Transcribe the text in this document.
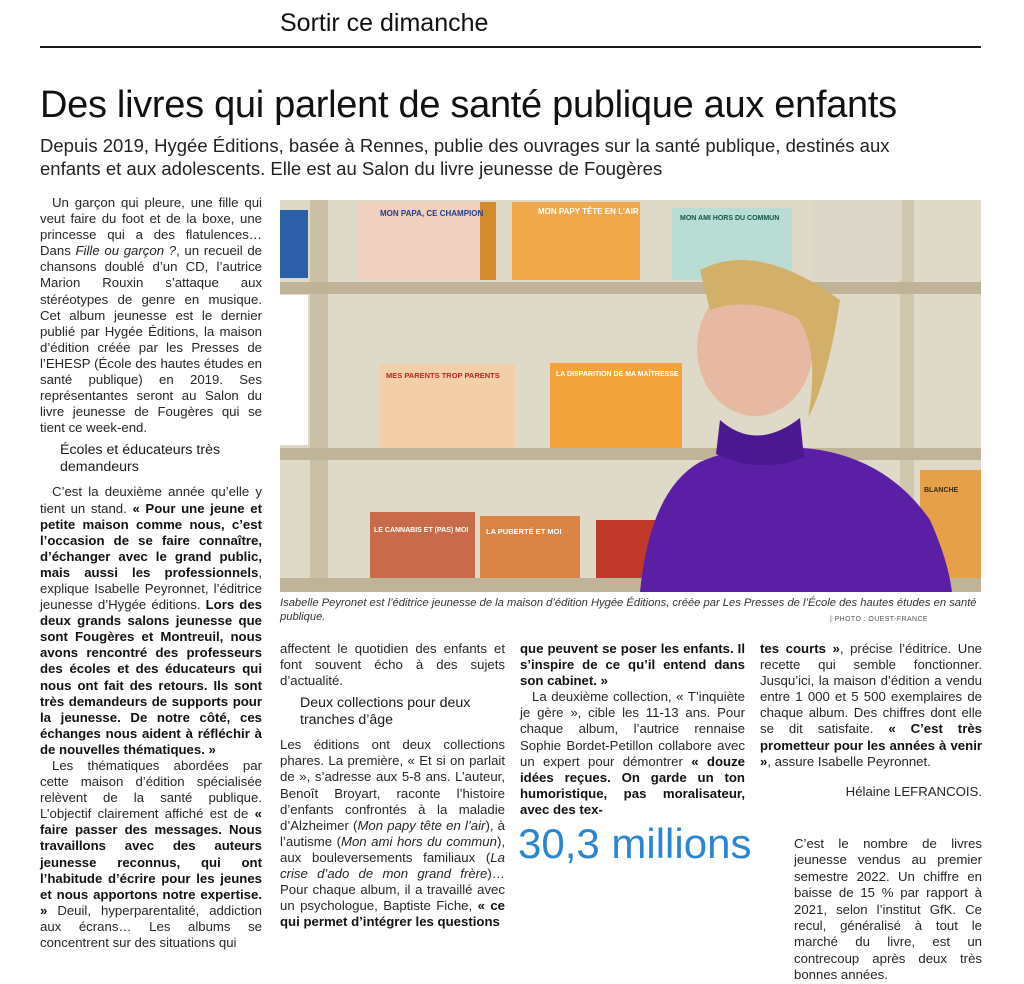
Sortir ce dimanche
Des livres qui parlent de santé publique aux enfants
Depuis 2019, Hygée Éditions, basée à Rennes, publie des ouvrages sur la santé publique, destinés aux enfants et aux adolescents. Elle est au Salon du livre jeunesse de Fougères

Un garçon qui pleure, une fille qui veut faire du foot et de la boxe, une princesse qui a des flatulences… Dans Fille ou garçon ?, un recueil de chansons doublé d’un CD, l’autrice Marion Rouxin s’attaque aux stéréotypes de genre en musique. Cet album jeunesse est le dernier publié par Hygée Éditions, la maison d’édition créée par les Presses de l’EHESP (École des hautes études en santé publique) en 2019. Ses représentantes seront au Salon du livre jeunesse de Fougères qui se tient ce week-end.

Écoles et éducateurs très demandeurs

C’est la deuxième année qu’elle y tient un stand. « Pour une jeune et petite maison comme nous, c’est l’occasion de se faire connaître, d’échanger avec le grand public, mais aussi les professionnels, explique Isabelle Peyronnet, l’éditrice jeunesse d’Hygée éditions. Lors des deux grands salons jeunesse que sont Fougères et Montreuil, nous avons rencontré des professeurs des écoles et des éducateurs qui nous ont fait des retours. Ils sont très demandeurs de supports pour la jeunesse. De notre côté, ces échanges nous aident à réfléchir à de nouvelles thématiques. »

Les thématiques abordées par cette maison d’édition spécialisée relèvent de la santé publique. L’objectif clairement affiché est de « faire passer des messages. Nous travaillons avec des auteurs jeunesse reconnus, qui ont l’habitude d’écrire pour les jeunes et nous apportons notre expertise. » Deuil, hyperparentalité, addiction aux écrans… Les albums se concentrent sur des situations qui

MON PAPA, CE CHAMPION	MON PAPY TÊTE EN L’AIR
MON AMI HORS DU COMMUN
MES PARENTS TROP PARENTS	LA DISPARITION DE MA MAÎTRESSE
LE CANNABIS ET (PAS) MOI LA PUBERTÉ ET MOI
BLANCHE
Isabelle Peyronet est l’éditrice jeunesse de la maison d’édition Hygée Éditions, créée par Les Presses de l’École des hautes études en santé publique.	| PHOTO : OUEST-FRANCE

affectent le quotidien des enfants et font souvent écho à des sujets d’actualité.

Deux collections pour deux tranches d’âge

Les éditions ont deux collections phares. La première, « Et si on parlait de », s’adresse aux 5-8 ans. L’auteur, Benoît Broyart, raconte l’histoire d’enfants confrontés à la maladie d’Alzheimer (Mon papy tête en l’air), à l’autisme (Mon ami hors du commun), aux bouleversements familiaux (La crise d’ado de mon grand frère)… Pour chaque album, il a travaillé avec un psychologue, Baptiste Fiche, « ce qui permet d’intégrer les questions

que peuvent se poser les enfants. Il s’inspire de ce qu’il entend dans son cabinet. »

La deuxième collection, « T’inquiète je gère », cible les 11-13 ans. Pour chaque album, l’autrice rennaise Sophie Bordet-Petillon collabore avec un expert pour démontrer « douze idées reçues. On garde un ton humoristique, pas moralisateur, avec des tex-

tes courts », précise l’éditrice. Une recette qui semble fonctionner. Jusqu’ici, la maison d’édition a vendu entre 1 000 et 5 500 exemplaires de chaque album. Des chiffres dont elle se dit satisfaite. « C’est très prometteur pour les années à venir », assure Isabelle Peyronnet.

Hélaine LEFRANCOIS.

30,3 millions	C’est le nombre de livres jeunesse vendus au premier semestre 2022. Un chiffre en baisse de 15 % par rapport à 2021, selon l’institut GfK. Ce recul, généralisé à tout le marché du livre, est un contrecoup après deux très bonnes années.
